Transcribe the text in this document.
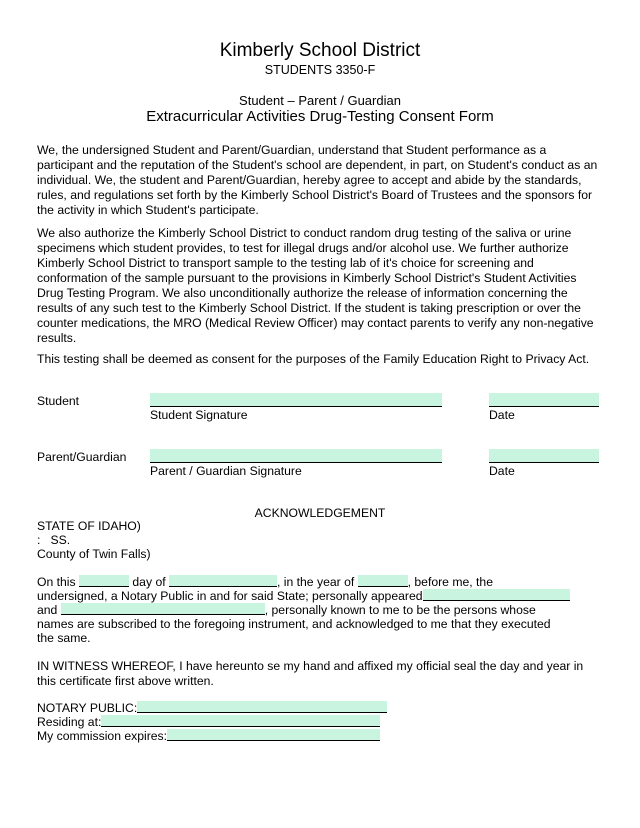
Kimberly School District
STUDENTS 3350-F
Student – Parent / Guardian
Extracurricular Activities Drug-Testing Consent Form

We, the undersigned Student and Parent/Guardian, understand that Student performance as a participant and the reputation of the Student's school are dependent, in part, on Student's conduct as an individual. We, the student and Parent/Guardian, hereby agree to accept and abide by the standards, rules, and regulations set forth by the Kimberly School District's Board of Trustees and the sponsors for the activity in which Student's participate.

We also authorize the Kimberly School District to conduct random drug testing of the saliva or urine specimens which student provides, to test for illegal drugs and/or alcohol use. We further authorize Kimberly School District to transport sample to the testing lab of it's choice for screening and conformation of the sample pursuant to the provisions in Kimberly School District's Student Activities Drug Testing Program. We also unconditionally authorize the release of information concerning the results of any such test to the Kimberly School District. If the student is taking prescription or over the counter medications, the MRO (Medical Review Officer) may contact parents to verify any non-negative results.

This testing shall be deemed as consent for the purposes of the Family Education Right to Privacy Act.

Student
Student Signature	Date
Parent/Guardian
Parent / Guardian Signature	Date
ACKNOWLEDGEMENT
STATE OF IDAHO)
:   SS.
County of Twin Falls)
On this	day of	, in the year of	, before me, the
undersigned, a Notary Public in and for said State; personally appeared
and	, personally known to me to be the persons whose
names are subscribed to the foregoing instrument, and acknowledged to me that they executed
the same.

IN WITNESS WHEREOF, I have hereunto se my hand and affixed my official seal the day and year in this certificate first above written.

NOTARY PUBLIC:
Residing at:
My commission expires:
